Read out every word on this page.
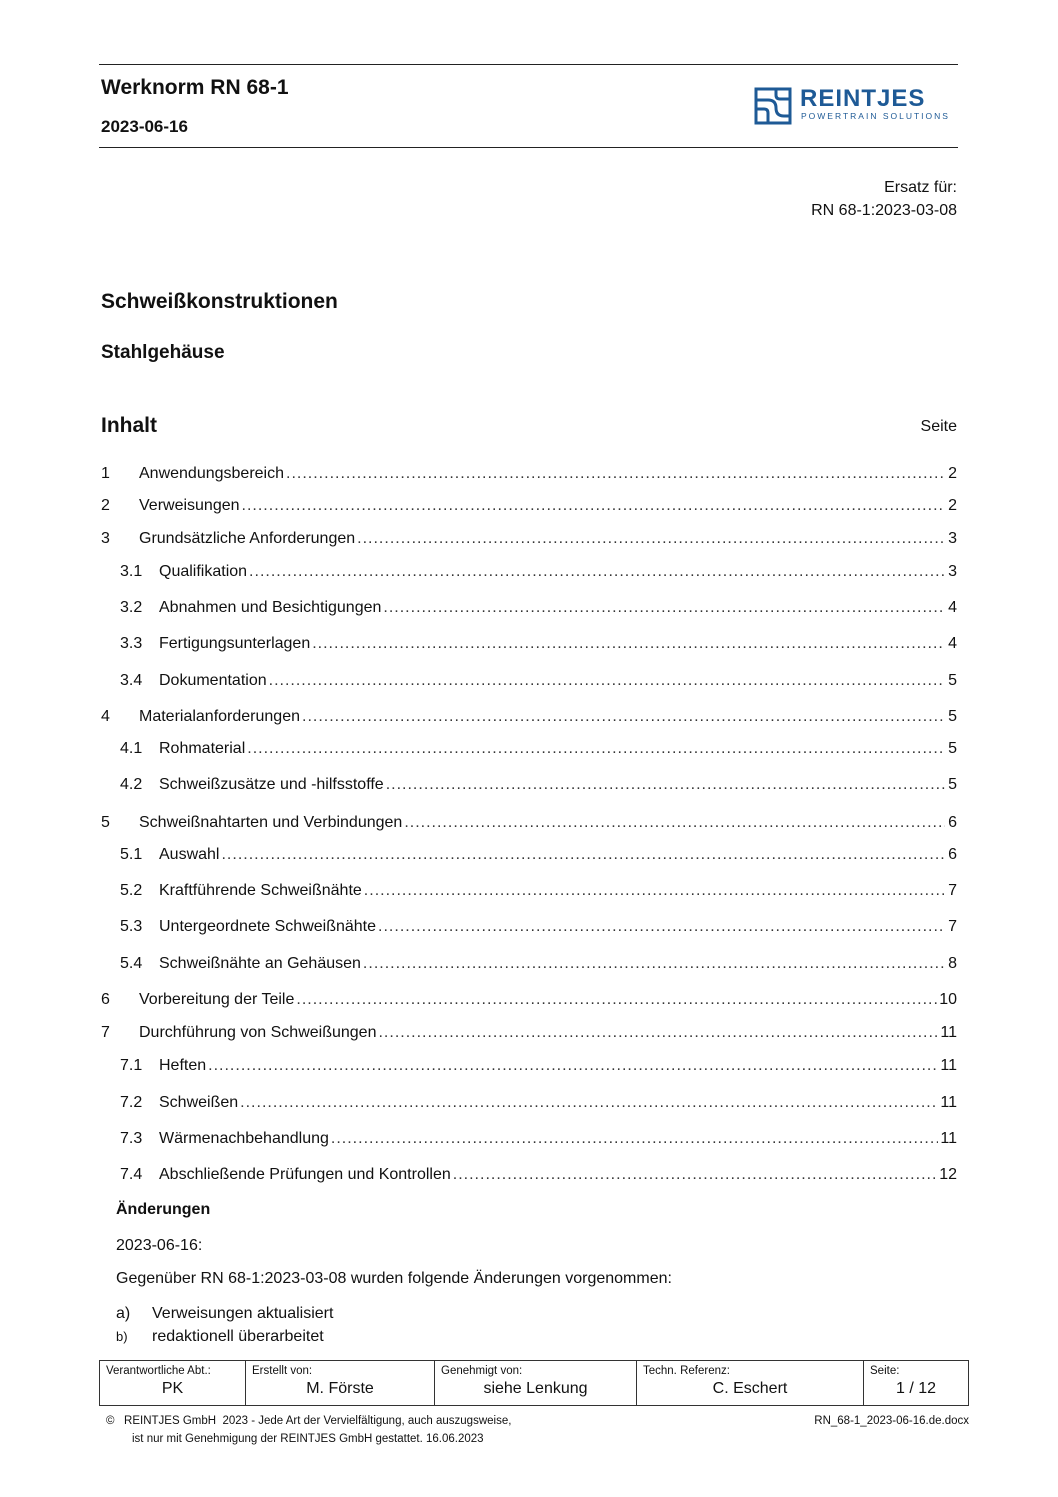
Werknorm RN 68-1
2023-06-16
REINTJES
POWERTRAIN SOLUTIONS
Ersatz für:
RN 68-1:2023-03-08
Schweißkonstruktionen
Stahlgehäuse
Inhalt	Seite
1	Anwendungsbereich .....	2
2	Verweisungen .....	2
3	Grundsätzliche Anforderungen .....	3
3.1	Qualifikation .....	3
3.2	Abnahmen und Besichtigungen .....	4
3.3	Fertigungsunterlagen .....	4
3.4	Dokumentation .....	5
4	Materialanforderungen .....	5
4.1	Rohmaterial .....	5
4.2	Schweißzusätze und -hilfsstoffe .....	5
5	Schweißnahtarten und Verbindungen .....	6
5.1	Auswahl .....	6
5.2	Kraftführende Schweißnähte .....	7
5.3	Untergeordnete Schweißnähte .....	7
5.4	Schweißnähte an Gehäusen .....	8
6	Vorbereitung der Teile .....	10
7	Durchführung von Schweißungen .....	11
7.1	Heften .....	11
7.2	Schweißen .....	11
7.3	Wärmenachbehandlung .....	11
7.4	Abschließende Prüfungen und Kontrollen .....	12
Änderungen
2023-06-16:
Gegenüber RN 68-1:2023-03-08 wurden folgende Änderungen vorgenommen:
a) Verweisungen aktualisiert
b) redaktionell überarbeitet
Verantwortliche Abt.:
PK

Erstellt von:
M. Förste

Genehmigt von:
siehe Lenkung

Techn. Referenz:
C. Eschert

Seite:
1 / 12
©   REINTJES GmbH  2023 - Jede Art der Vervielfältigung, auch auszugsweise,
ist nur mit Genehmigung der REINTJES GmbH gestattet. 16.06.2023
RN_68-1_2023-06-16.de.docx
